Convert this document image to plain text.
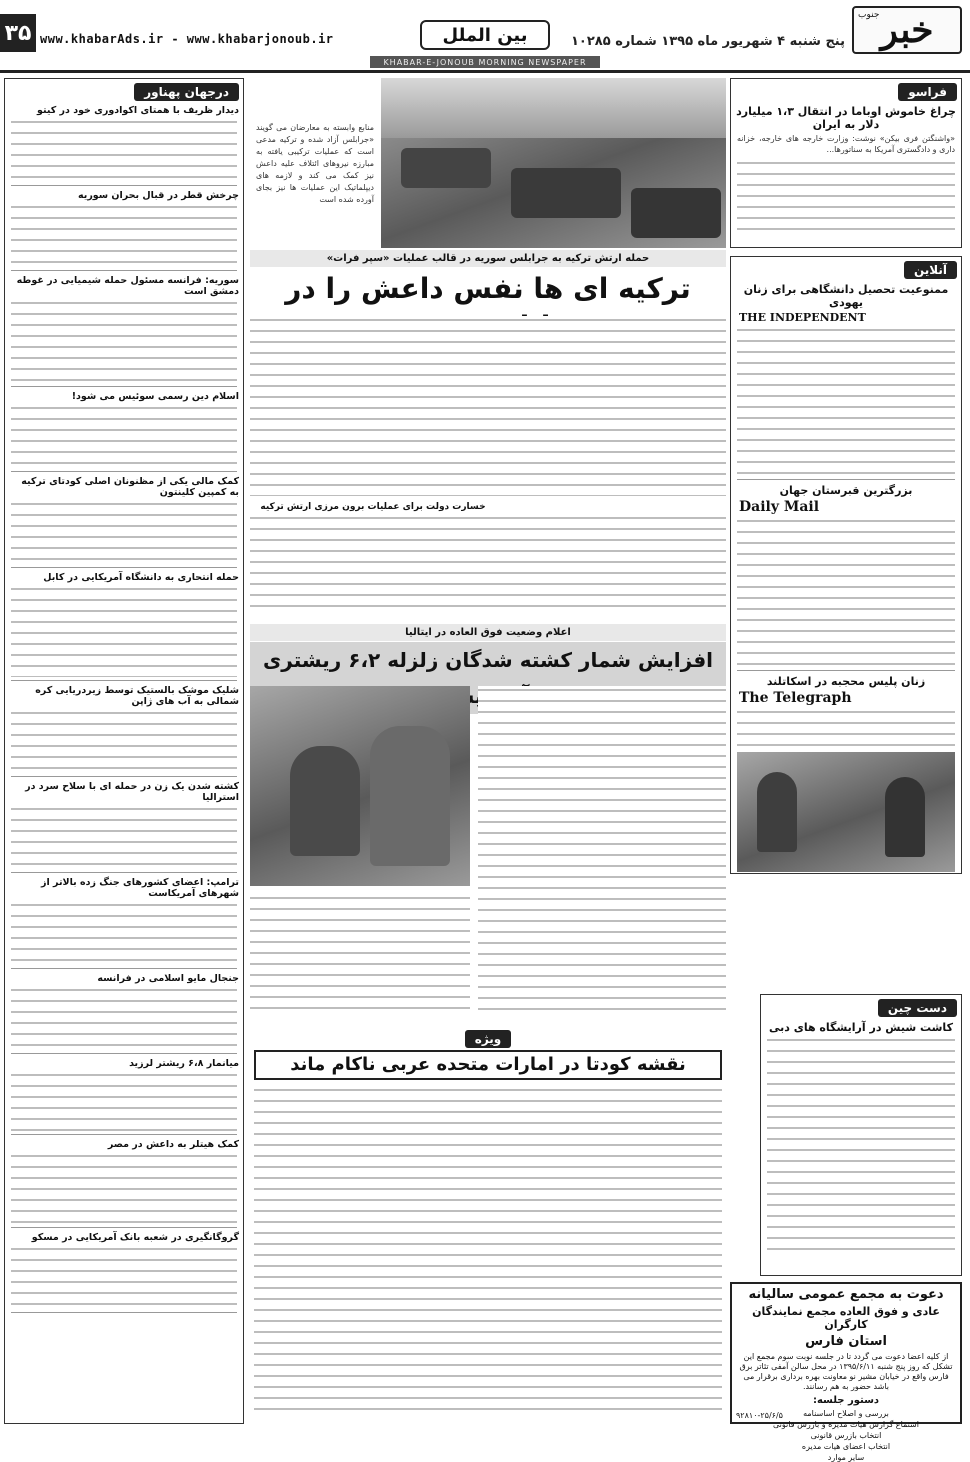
جنوب خبر
پنج شنبه ۴ شهریور ماه ۱۳۹۵ شماره ۱۰۲۸۵
بین الملل
www.khabarAds.ir - www.khabarjonoub.ir
۳۵
KHABAR-E-JONOUB MORNING NEWSPAPER
فراسو
چراغ خاموش اوباما در انتقال ۱،۳ میلیارد دلار به ایران
«واشنگتن فری بیکن» نوشت: وزارت خارجه های خارجه، خزانه داری و دادگستری آمریکا به سناتورها...
آنلاین
ممنوعیت تحصیل دانشگاهی برای زنان یهودی
THE INDEPENDENT
بزرگترین قبرستان جهان
Daily Mail
زنان پلیس محجبه در اسکاتلند
The Telegraph
دست چین
کاشت شیش در آرایشگاه های دبی
دعوت به مجمع عمومی سالیانه
عادی و فوق العاده مجمع نمایندگان کارگران
استان فارس
از کلیه اعضا دعوت می گردد تا در جلسه نوبت سوم مجمع این تشکل که روز پنج شنبه ۱۳۹۵/۶/۱۱ در محل سالن آمفی تئاتر برق فارس واقع در خیابان مشیر نو معاونت بهره برداری برقرار می باشد حضور به هم رسانند.
دستور جلسه:
بررسی و اصلاح اساسنامه
استماع گزارش هیات مدیره و بازرس قانونی
انتخاب بازرس قانونی
انتخاب اعضای هیات مدیره
سایر موارد
۹۲۸۱۰-۲۵/۶/۵
منابع وابسته به معارضان می گویند «جرابلس آزاد شده و ترکیه مدعی است که عملیات ترکیبی یافته به مبارزه نیروهای ائتلاف علیه داعش نیز کمک می کند و لازمه های دیپلماتیک این عملیات ها نیز بجای آورده شده است
حمله ارتش ترکیه به جرابلس سوریه در قالب عملیات «سپر فرات»
ترکیه ای ها نفس داعش را در
خسارت دولت برای عملیات برون مرزی ارتش ترکیه
اعلام وضعیت فوق العاده در ایتالیا
افزایش شمار کشته شدگان زلزله ۶،۲ ریشتری
ویژه
نقشه کودتا در امارات متحده عربی ناکام ماند
درجهان پهناور
دیدار ظریف با همتای اکوادوری خود در کیتو
چرخش قطر در قبال بحران سوریه
سوریه: فرانسه مسئول حمله شیمیایی در غوطه دمشق است
اسلام دین رسمی سوئیس می شود!
کمک مالی یکی از مظنونان اصلی کودتای ترکیه به کمپین کلینتون
حمله انتحاری به دانشگاه آمریکایی در کابل
شلیک موشک بالستیک توسط زیردریایی کره شمالی به آب های ژاپن
کشته شدن یک زن در حمله ای با سلاح سرد در استرالیا
ترامپ: اعضای کشورهای جنگ زده بالاتر از شهرهای آمریکاست
جنجال مایو اسلامی در فرانسه
میانمار ۶،۸ ریشتر لرزید
کمک هیتلر به داعش در مصر
گروگانگیری در شعبه بانک آمریکایی در مسکو
